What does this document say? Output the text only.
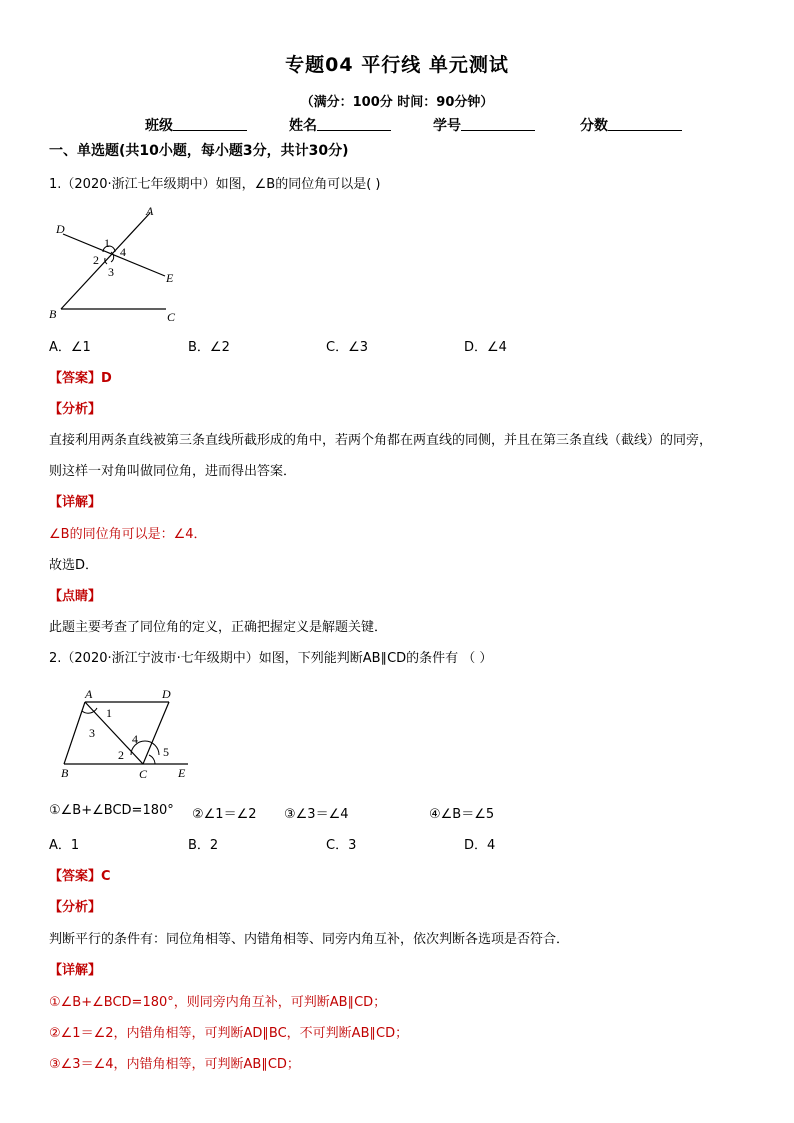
专题04 平行线 单元测试
（满分：100分 时间：90分钟）
班级	姓名	学号	分数
一、单选题(共10小题，每小题3分，共计30分)
1.（2020·浙江七年级期中）如图，∠B的同位角可以是( )
A
D
1
4
2
3	E
B	C
A．∠1	B．∠2	C．∠3	D．∠4
【答案】D
【分析】
直接利用两条直线被第三条直线所截形成的角中，若两个角都在两直线的同侧，并且在第三条直线（截线）的同旁，
则这样一对角叫做同位角，进而得出答案．
【详解】
∠B的同位角可以是：∠4．
故选D．
【点睛】
此题主要考查了同位角的定义，正确把握定义是解题关键．
2.（2020·浙江宁波市·七年级期中）如图，下列能判断AB∥CD的条件有 （ ）
A	D
1
3	4
2	5
B	C	E
①∠B+∠BCD=180° ②∠1＝∠2 ③∠3＝∠4	④∠B＝∠5
A．1	B．2	C．3	D．4
【答案】C
【分析】
判断平行的条件有：同位角相等、内错角相等、同旁内角互补，依次判断各选项是否符合．
【详解】
①∠B+∠BCD=180°，则同旁内角互补，可判断AB∥CD；
②∠1＝∠2，内错角相等，可判断AD∥BC，不可判断AB∥CD；
③∠3＝∠4，内错角相等，可判断AB∥CD；
